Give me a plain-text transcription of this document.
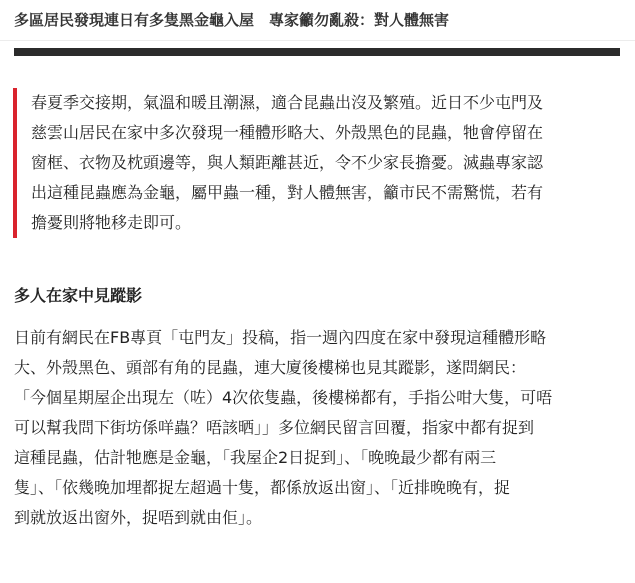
多區居民發現連日有多隻黑金龜入屋　專家籲勿亂殺：對人體無害

春夏季交接期，氣溫和暖且潮濕，適合昆蟲出沒及繁殖。近日不少屯門及
慈雲山居民在家中多次發現一種體形略大、外殼黑色的昆蟲，牠會停留在
窗框、衣物及枕頭邊等，與人類距離甚近，令不少家長擔憂。滅蟲專家認
出這種昆蟲應為金龜，屬甲蟲一種，對人體無害，籲市民不需驚慌，若有
擔憂則將牠移走即可。

多人在家中見蹤影

日前有網民在FB專頁「屯門友」投稿，指一週內四度在家中發現這種體形略
大、外殼黑色、頭部有角的昆蟲，連大廈後樓梯也見其蹤影，遂問網民：
「今個星期屋企出現左（咗）4次依隻蟲，後樓梯都有，手指公咁大隻，可唔
可以幫我問下街坊係咩蟲？唔該晒」」多位網民留言回覆，指家中都有捉到
這種昆蟲，估計牠應是金龜，「我屋企2日捉到」、「晚晚最少都有兩三
隻」、「依幾晚加埋都捉左超過十隻，都係放返出窗」、「近排晚晚有，捉
到就放返出窗外，捉唔到就由佢」。
